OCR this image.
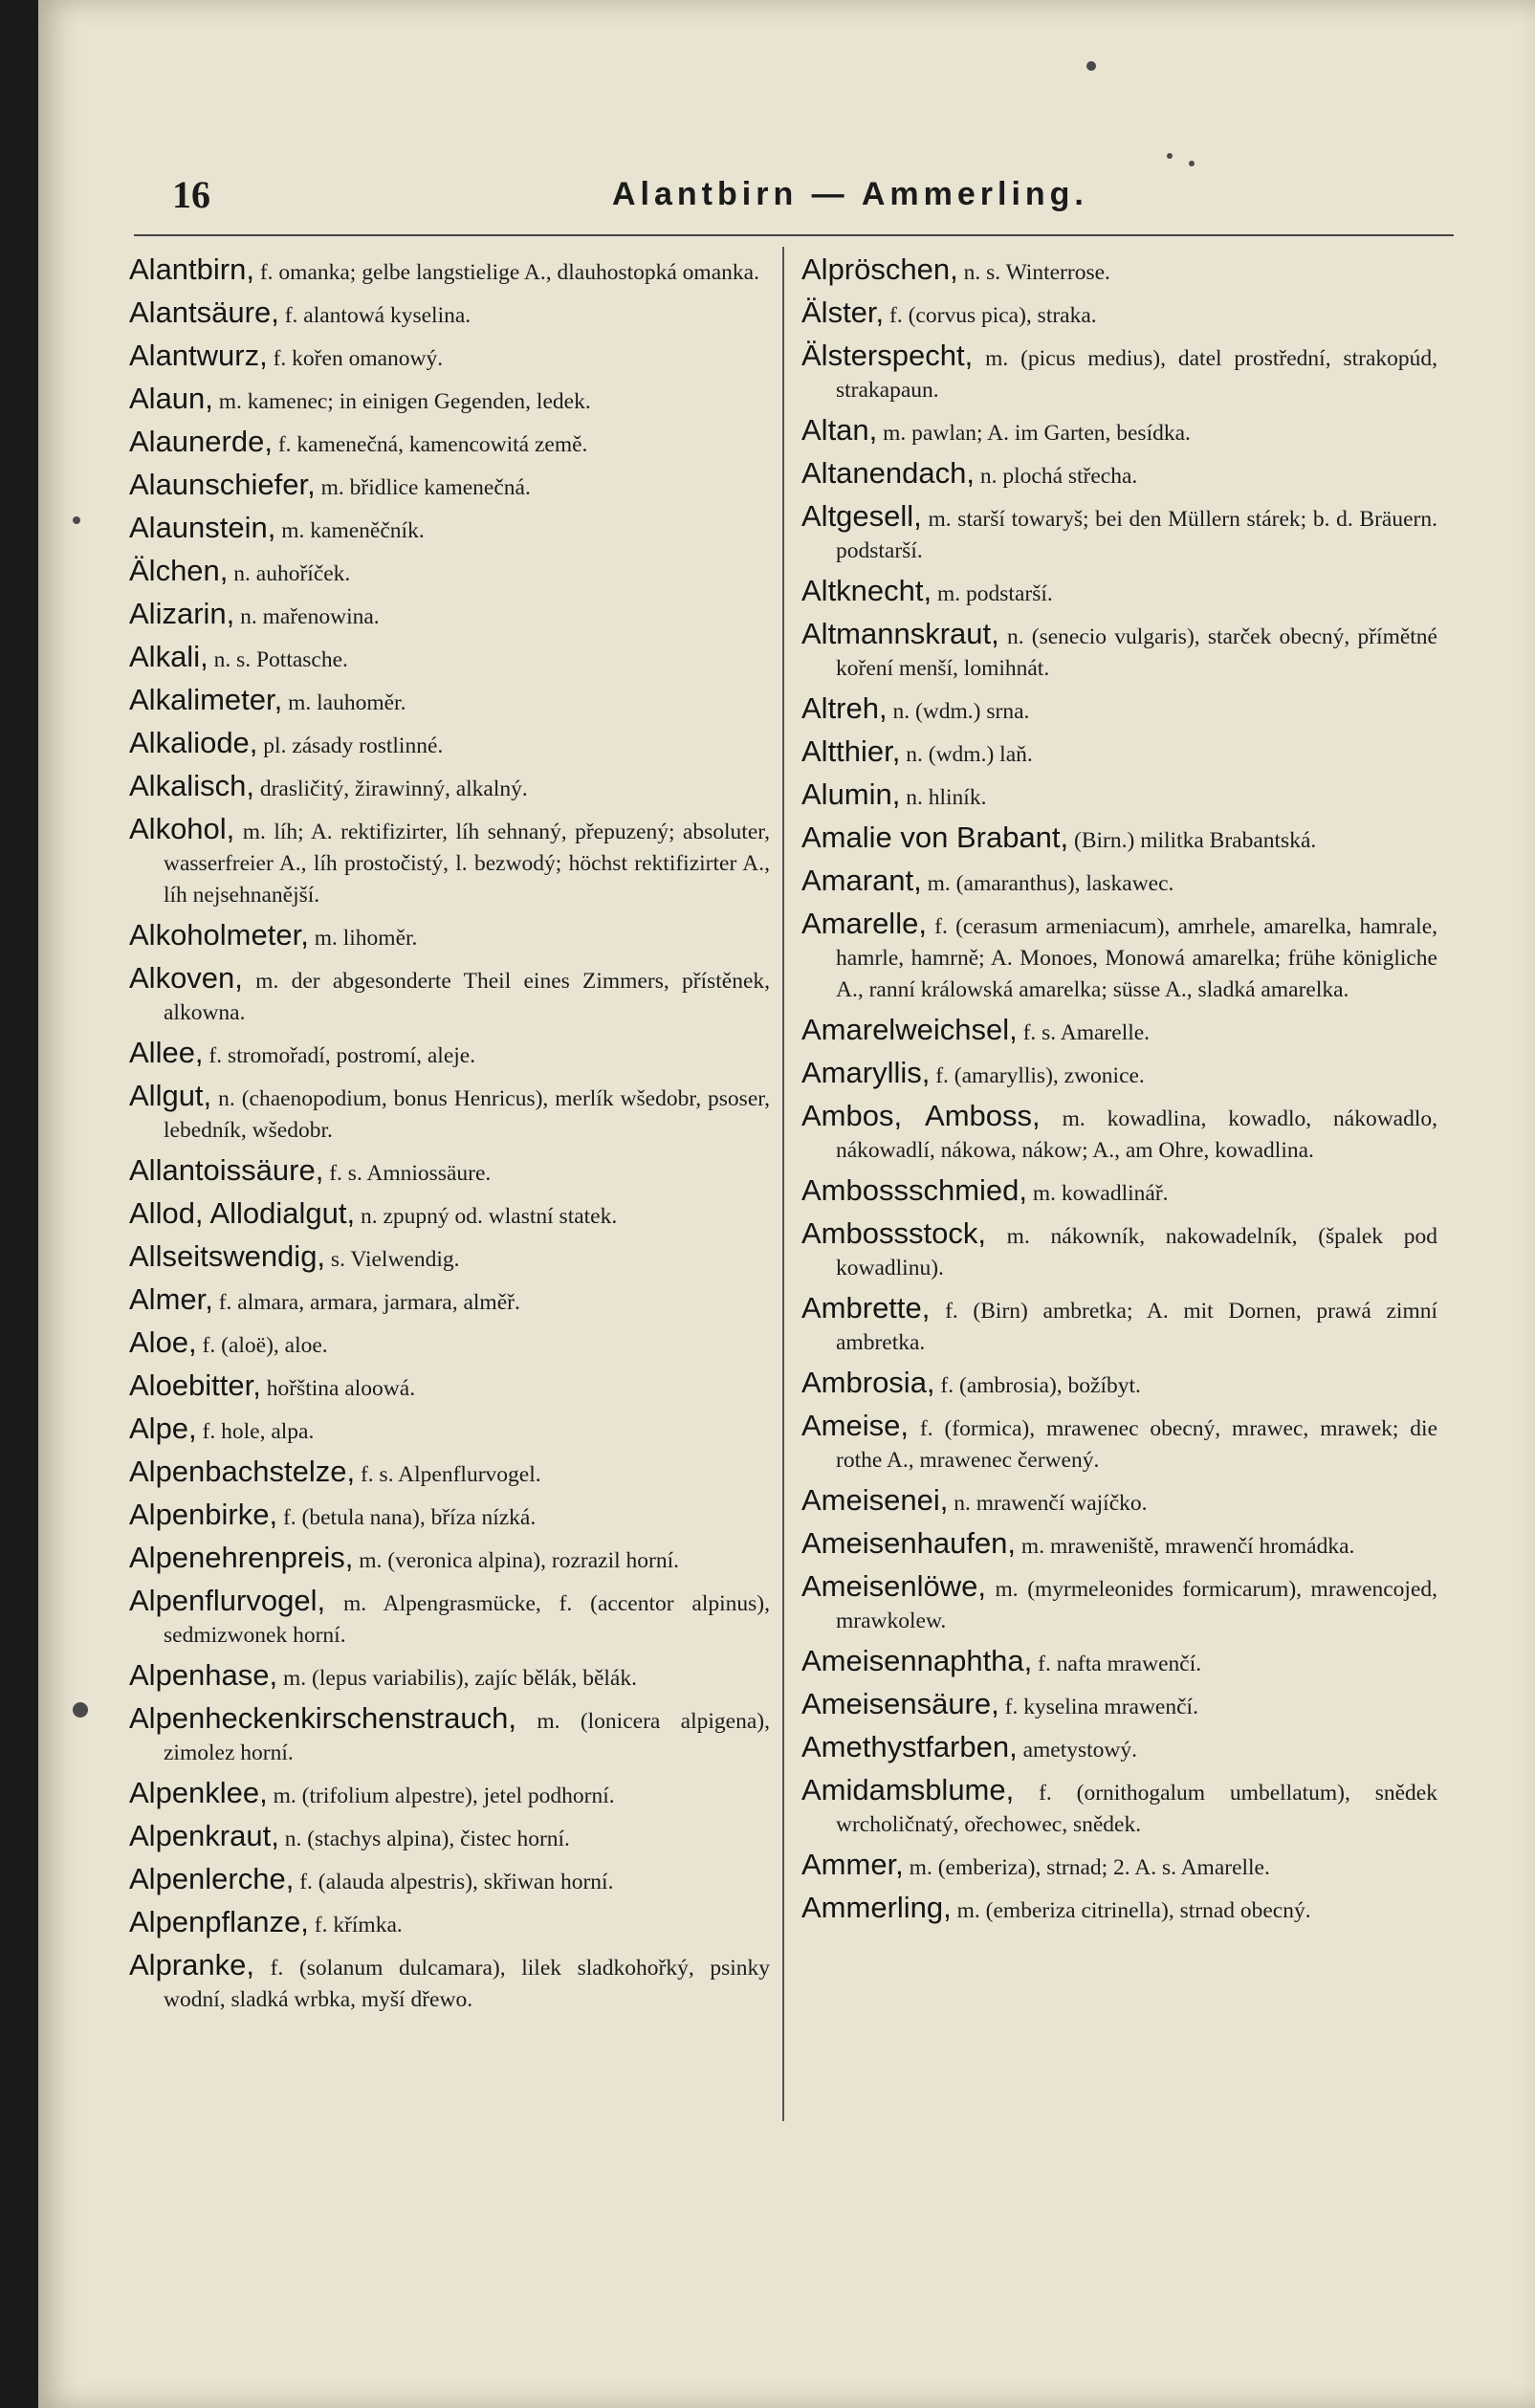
16	Alantbirn — Ammerling.

Alantbirn, f. omanka; gelbe langstielige A., dlauhostopká omanka.

Alantsäure, f. alantowá kyselina.

Alantwurz, f. kořen omanowý.

Alaun, m. kamenec; in einigen Gegenden, ledek.

Alaunerde, f. kamenečná, kamencowitá země.

Alaunschiefer, m. břidlice kamenečná.

Alaunstein, m. kameněčník.

Älchen, n. auhoříček.

Alizarin, n. mařenowina.

Alkali, n. s. Pottasche.

Alkalimeter, m. lauhoměr.

Alkaliode, pl. zásady rostlinné.

Alkalisch, drasličitý, žirawinný, alkalný.

Alkohol, m. líh; A. rektifizirter, líh sehnaný, přepuzený; absoluter, wasserfreier A., líh prostočistý, l. bezwodý; höchst rektifizirter A., líh nejsehnanější.

Alkoholmeter, m. lihoměr.

Alkoven, m. der abgesonderte Theil eines Zimmers, přístěnek, alkowna.

Allee, f. stromořadí, postromí, aleje.

Allgut, n. (chaenopodium, bonus Henricus), merlík wšedobr, psoser, lebedník, wšedobr.

Allantoissäure, f. s. Amniossäure.

Allod, Allodialgut, n. zpupný od. wlastní statek.

Allseitswendig, s. Vielwendig.

Almer, f. almara, armara, jarmara, alměř.

Aloe, f. (aloë), aloe.

Aloebitter, hořština aloowá.

Alpe, f. hole, alpa.

Alpenbachstelze, f. s. Alpenflurvogel.

Alpenbirke, f. (betula nana), bříza nízká.

Alpenehrenpreis, m. (veronica alpina), rozrazil horní.

Alpenflurvogel, m. Alpengrasmücke, f. (accentor alpinus), sedmizwonek horní.

Alpenhase, m. (lepus variabilis), zajíc bělák, bělák.

Alpenheckenkirschenstrauch, m. (lonicera alpigena), zimolez horní.

Alpenklee, m. (trifolium alpestre), jetel podhorní.

Alpenkraut, n. (stachys alpina), čistec horní.

Alpenlerche, f. (alauda alpestris), skřiwan horní.

Alpenpflanze, f. křímka.

Alpranke, f. (solanum dulcamara), lilek sladkohořký, psinky wodní, sladká wrbka, myší dřewo.

Alpröschen, n. s. Winterrose.

Älster, f. (corvus pica), straka.

Älsterspecht, m. (picus medius), datel prostřední, strakopúd, strakapaun.

Altan, m. pawlan; A. im Garten, besídka.

Altanendach, n. plochá střecha.

Altgesell, m. starší towaryš; bei den Müllern stárek; b. d. Bräuern. podstarší.

Altknecht, m. podstarší.

Altmannskraut, n. (senecio vulgaris), starček obecný, přímětné koření menší, lomihnát.

Altreh, n. (wdm.) srna.

Altthier, n. (wdm.) laň.

Alumin, n. hliník.

Amalie von Brabant, (Birn.) militka Brabantská.

Amarant, m. (amaranthus), laskawec.

Amarelle, f. (cerasum armeniacum), amrhele, amarelka, hamrale, hamrle, hamrně; A. Monoes, Monowá amarelka; frühe königliche A., ranní králowská amarelka; süsse A., sladká amarelka.

Amarelweichsel, f. s. Amarelle.

Amaryllis, f. (amaryllis), zwonice.

Ambos, Amboss, m. kowadlina, kowadlo, nákowadlo, nákowadlí, nákowa, nákow; A., am Ohre, kowadlina.

Ambossschmied, m. kowadlinář.

Ambossstock, m. nákowník, nakowadelník, (špalek pod kowadlinu).

Ambrette, f. (Birn) ambretka; A. mit Dornen, prawá zimní ambretka.

Ambrosia, f. (ambrosia), božíbyt.

Ameise, f. (formica), mrawenec obecný, mrawec, mrawek; die rothe A., mrawenec čerwený.

Ameisenei, n. mrawenčí wajíčko.

Ameisenhaufen, m. mraweniště, mrawenčí hromádka.

Ameisenlöwe, m. (myrmeleonides formicarum), mrawencojed, mrawkolew.

Ameisennaphtha, f. nafta mrawenčí.

Ameisensäure, f. kyselina mrawenčí.

Amethystfarben, ametystowý.

Amidamsblume, f. (ornithogalum umbellatum), snědek wrcholičnatý, ořechowec, snědek.

Ammer, m. (emberiza), strnad; 2. A. s. Amarelle.

Ammerling, m. (emberiza citrinella), strnad obecný.
